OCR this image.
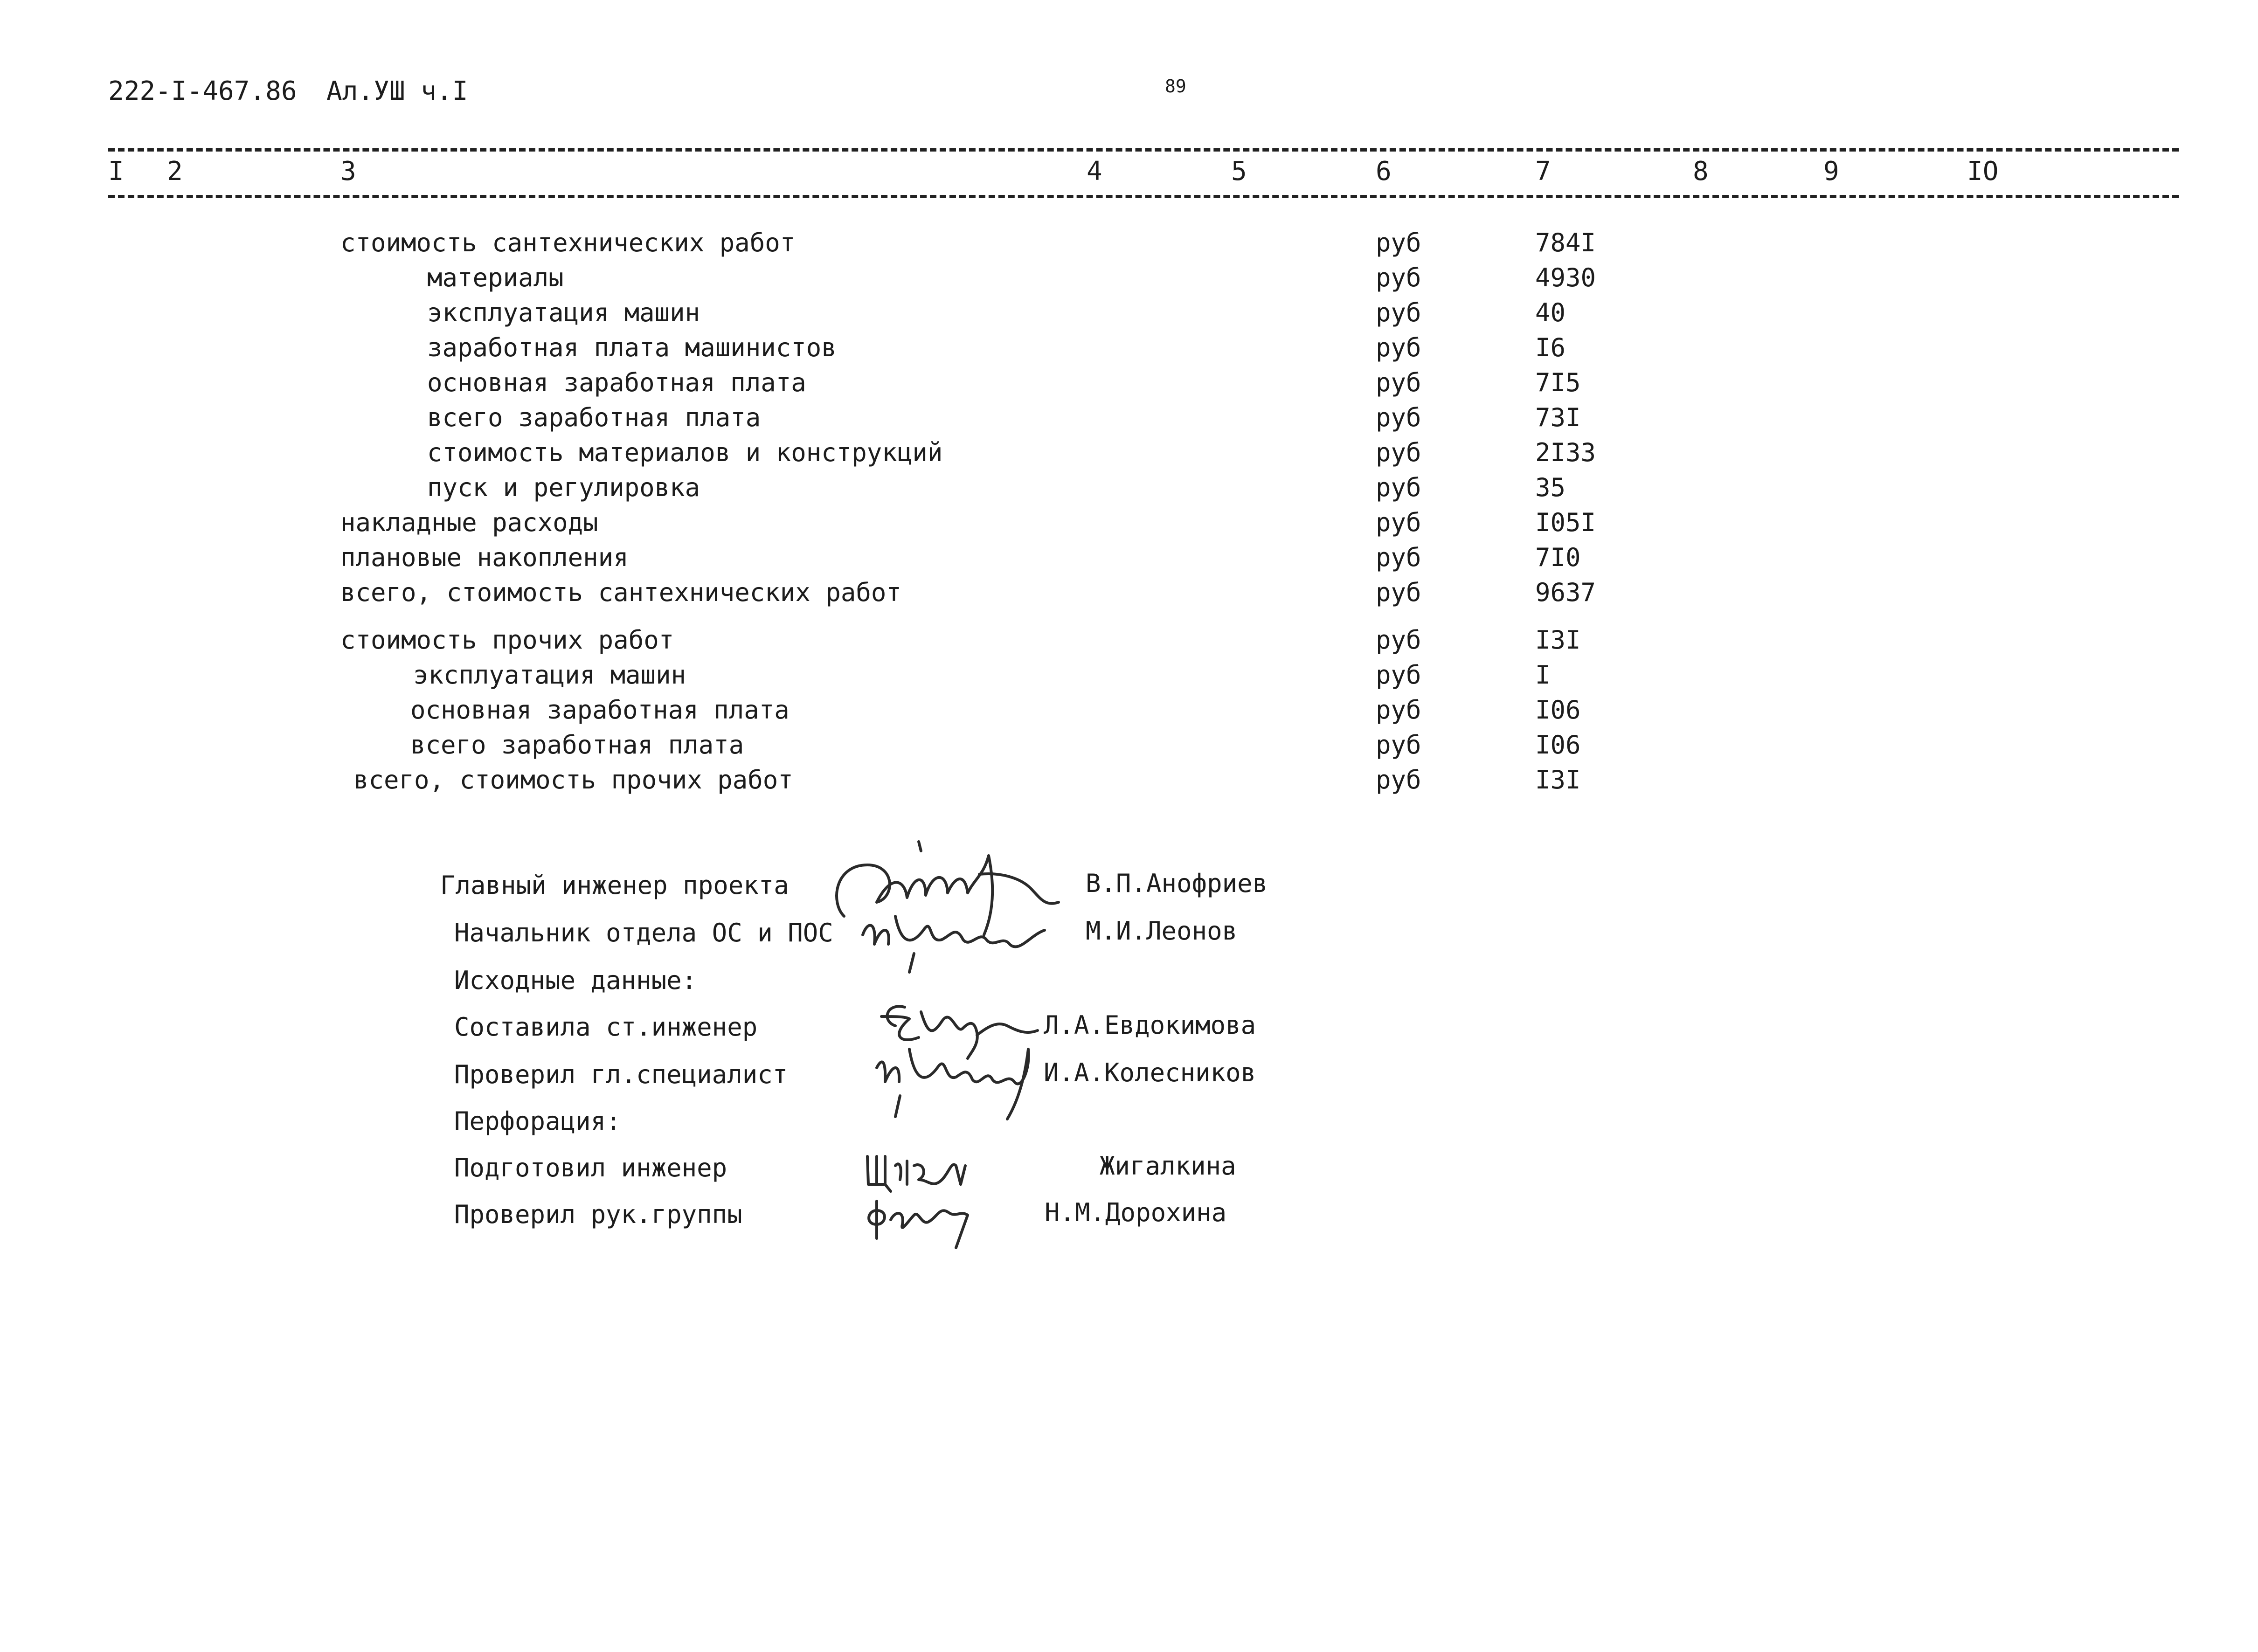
222-I-467.86 Ал.УШ ч.I	89
I 2	3	4	5	6	7	8	9	IO
стоимость сантехнических работ	руб	784I
материалы	руб	4930
эксплуатация машин	руб	40
заработная плата машинистов	руб	I6
основная заработная плата	руб	7I5
всего заработная плата	руб	73I
стоимость материалов и конструкций	руб	2I33
пуск и регулировка	руб	35
накладные расходы	руб	I05I
плановые накопления	руб	7I0
всего, стоимость сантехнических работ	руб	9637
стоимость прочих работ	руб	I3I
эксплуатация машин	руб	I
основная заработная плата	руб	I06
всего заработная плата	руб	I06
всего, стоимость прочих работ	руб	I3I
Главный инженер проекта	В.П.Анофриев
Начальник отдела ОС и ПОС	М.И.Леонов
Исходные данные:
Составила ст.инженер	Л.А.Евдокимова
Проверил гл.специалист	И.А.Колесников
Перфорация:
Подготовил инженер	Жигалкина
Проверил рук.группы	Н.М.Дорохина
